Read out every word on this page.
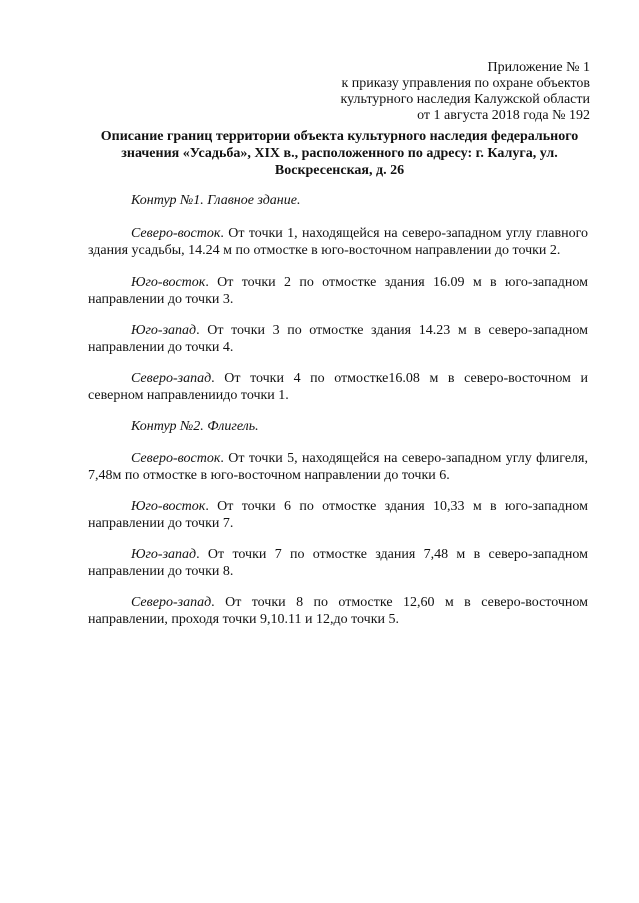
Приложение № 1
к приказу управления по охране объектов
культурного наследия Калужской области
от 1 августа 2018 года № 192
Описание границ территории объекта культурного наследия федерального
значения «Усадьба», XIX в., расположенного по адресу: г. Калуга, ул.
Воскресенская, д. 26
Контур №1. Главное здание.

Северо-восток. От точки 1, находящейся на северо-западном углу главного здания усадьбы, 14.24 м по отмостке в юго-восточном направлении до точки 2.

Юго-восток. От точки 2 по отмостке здания 16.09 м в юго-западном направлении до точки 3.

Юго-запад. От точки 3 по отмостке здания 14.23 м в северо-западном направлении до точки 4.

Северо-запад. От точки 4 по отмостке16.08 м в северо-восточном и северном направлениидо точки 1.

Контур №2. Флигель.

Северо-восток. От точки 5, находящейся на северо-западном углу флигеля, 7,48м по отмостке в юго-восточном направлении до точки 6.

Юго-восток. От точки 6 по отмостке здания 10,33 м в юго-западном направлении до точки 7.

Юго-запад. От точки 7 по отмостке здания 7,48 м в северо-западном направлении до точки 8.

Северо-запад. От точки 8 по отмостке 12,60 м в северо-восточном направлении, проходя точки 9,10.11 и 12,до точки 5.
